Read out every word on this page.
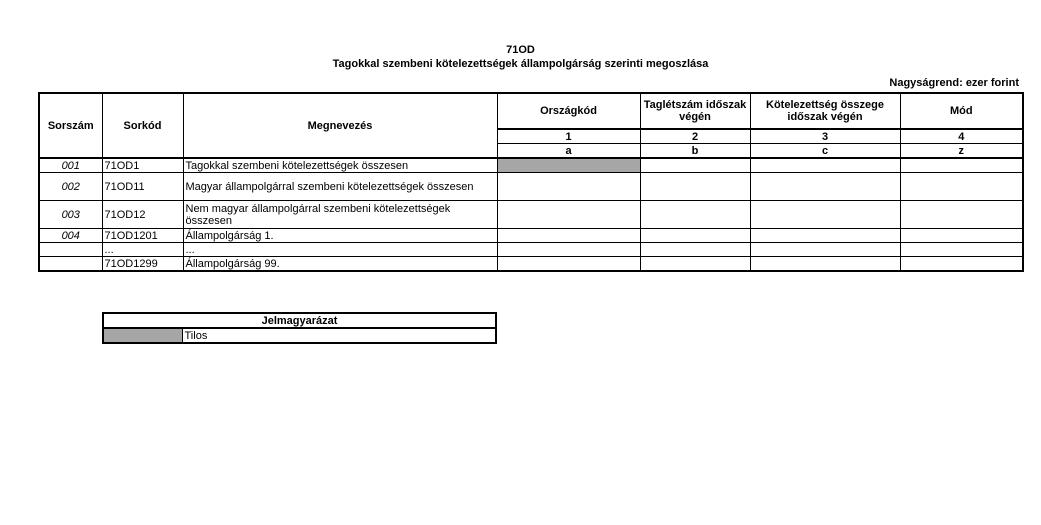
71OD
Tagokkal szembeni kötelezettségek állampolgárság szerinti megoszlása
Nagyságrend: ezer forint
Sorszám	Sorkód	Megnevezés	Országkód	Taglétszám időszak végén	Kötelezettség összege időszak végén	Mód
			1	2	3	4
			a	b	c	z
001	71OD1	Tagokkal szembeni kötelezettségek összesen				
002	71OD11	Magyar állampolgárral szembeni kötelezettségek összesen				
003	71OD12	Nem magyar állampolgárral szembeni kötelezettségek összesen				
004	71OD1201	Állampolgárság 1.				
	...	...				
	71OD1299	Állampolgárság 99.				
Jelmagyarázat
	Tilos
